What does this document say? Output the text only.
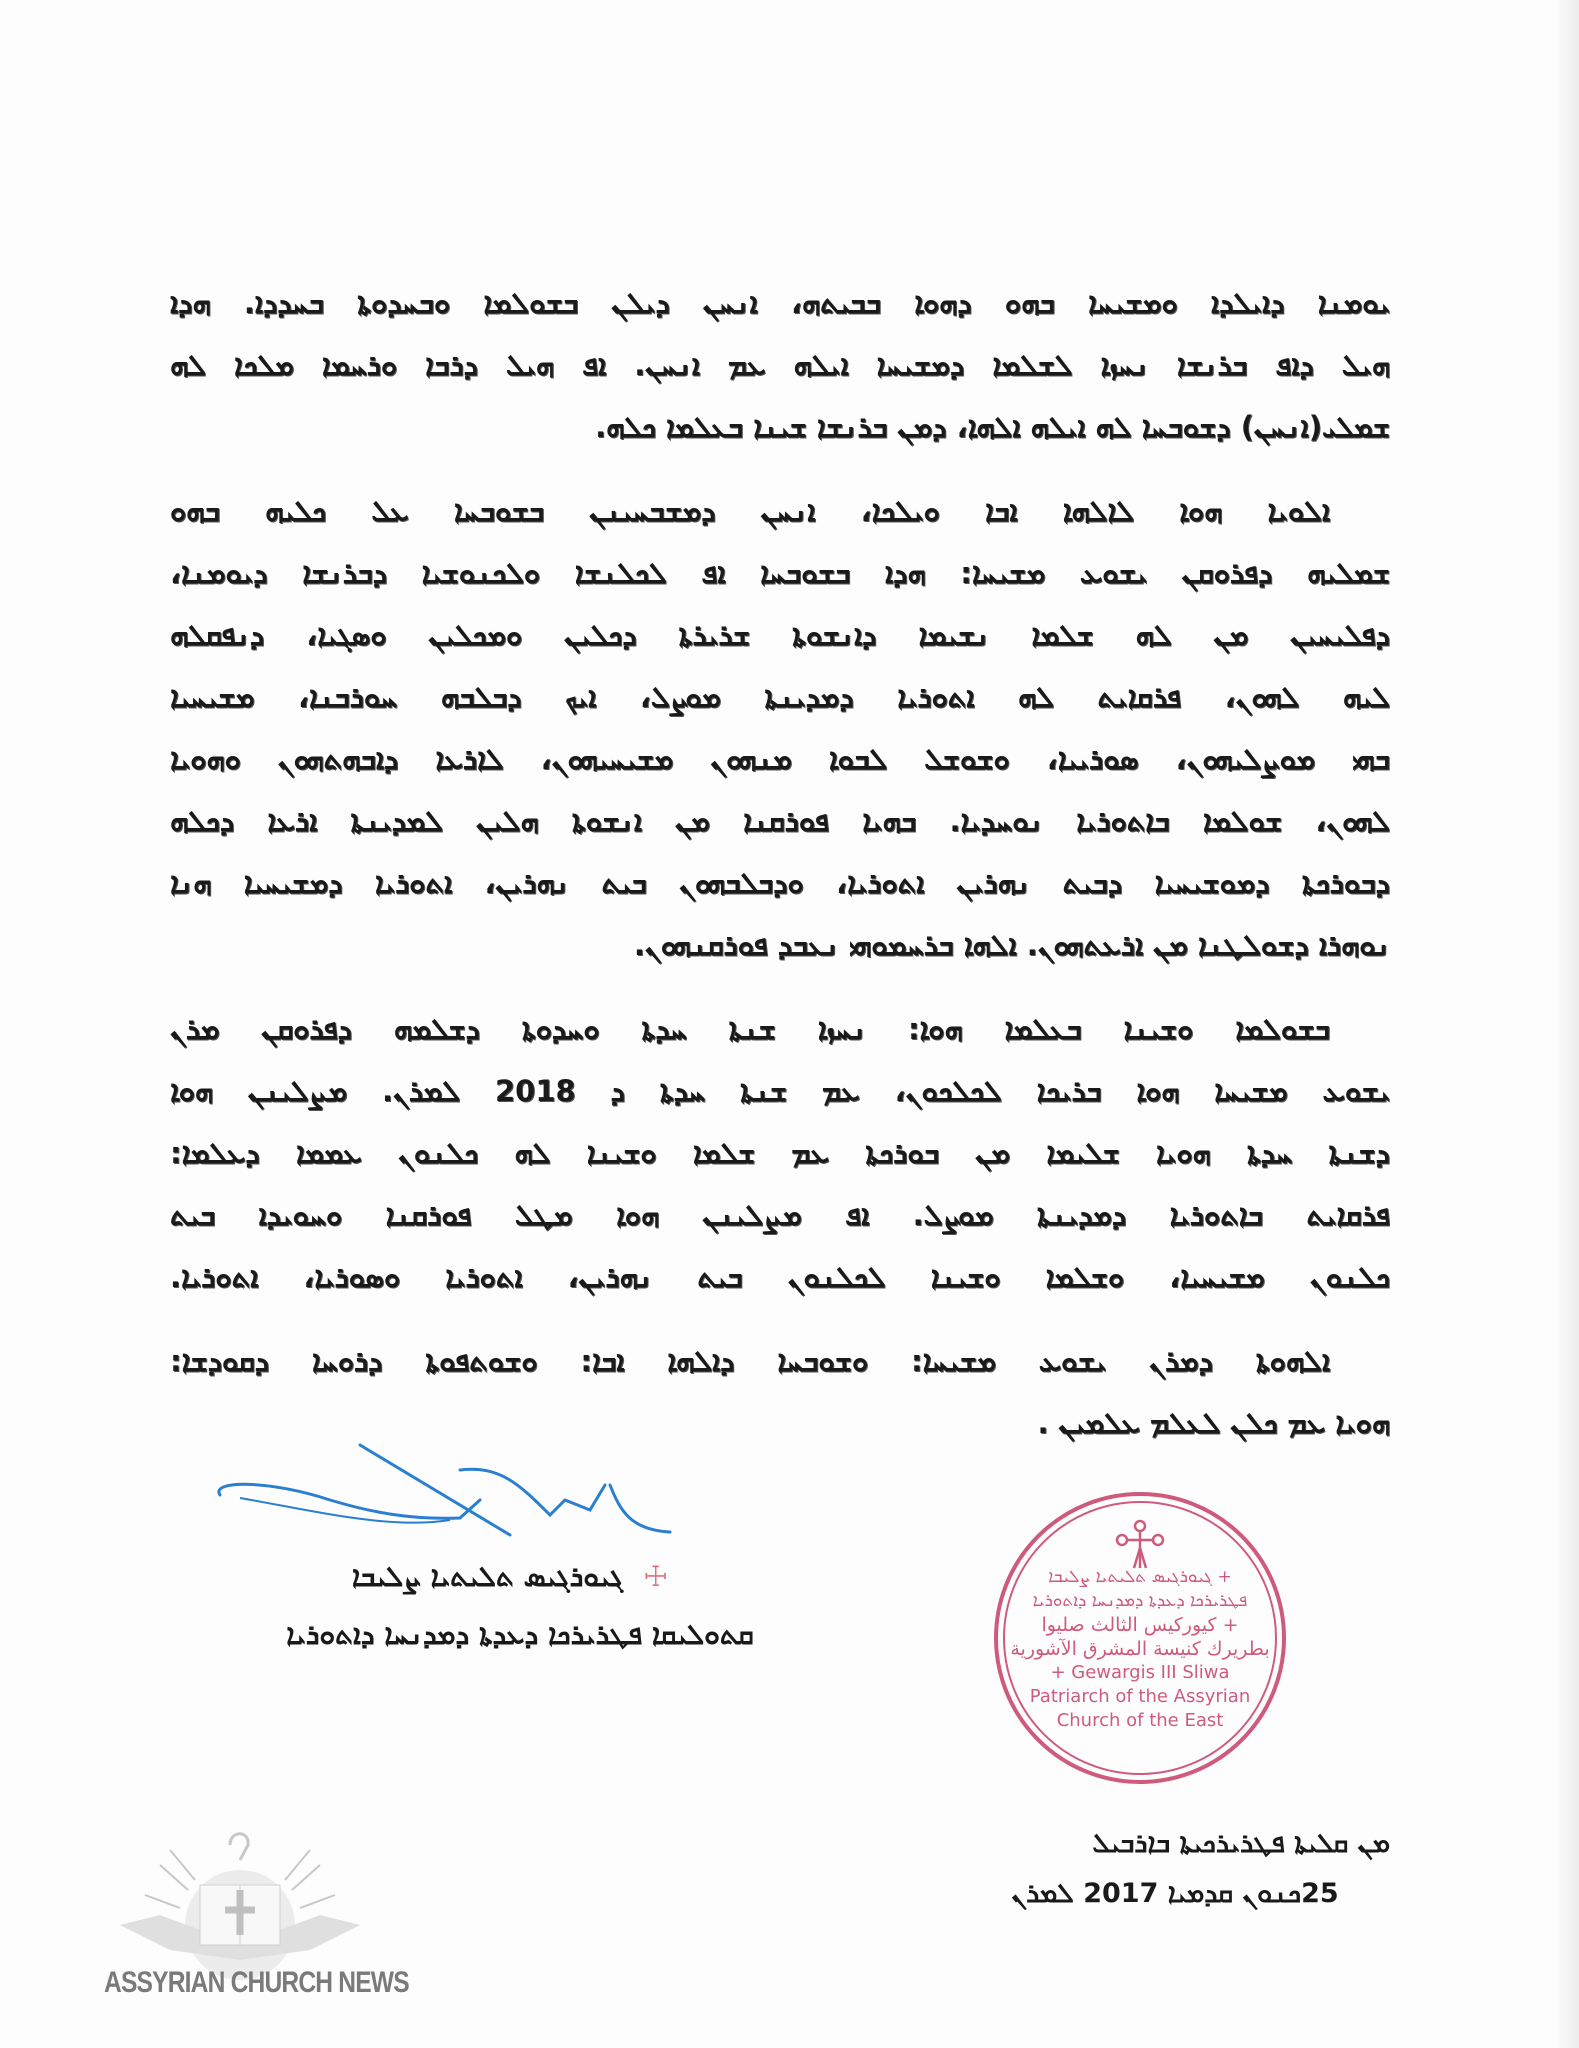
ܝܘܡܢܐ ܕܐܝܠܕܐ ܘܡܫܝܚܐ ܒܗܘ ܕܗܘܐ ܒܒܝܬܗ، ܐܢܚܢ ܕܝܠܢ ܒܫܘܠܡܐ ܘܒܚܕܘܬܐ ܒܚܕܕܐ. ܗܕܐ
ܗܝܠ ܕܐܦ ܒܪܢܫܐ ܢܚܙܐ ܠܫܠܡܐ ܕܡܫܝܚܐ ܐܝܠܗ ܥܡ ܐܢܚܢ. ܐܦ ܗܝܠ ܕܪܒܐ ܘܪܚܡܐ ܡܠܟܐ ܠܗ
ܫܡܠܝ(ܐܢܚܢ) ܕܫܘܒܚܐ ܠܗ ܐܝܠܗ ܐܠܗܐ، ܕܡܢ ܒܪܢܫܐ ܫܝܢܐ ܒܥܠܡܐ ܟܠܗ.
ܐܠܘܝܐ ܗܘܐ ܠܐܠܗܐ ܐܒܐ ܘܝܠܟܐ، ܐܢܚܢ ܕܡܫܒܚܝܢܢ ܒܫܘܒܚܐ ܥܠ ܟܠܝܗ ܒܗܘ
ܫܡܠܝܗ ܕܦܪܘܩܢ ܝܫܘܥ ܡܫܝܚܐ: ܗܕܐ ܒܫܘܒܚܐ ܐܦ ܠܟܠܢܫܐ ܘܠܟܢܘܫܝܐ ܕܒܪܢܫܐ ܕܝܘܡܢܐ،
ܕܦܠܝܚܝܢ ܡܢ ܠܗ ܫܠܡܐ ܢܫܝܡܐ ܕܐܢܫܘܬܐ ܫܪܝܪܬܐ ܕܟܠܝܢ ܘܡܟܠܝܢ ܘܣܓܝܐ، ܕܢܦܩܠܗ
ܠܝܗ ܠܗܘܢ، ܦܪܩܐܝܬ ܠܗ ܐܬܘܪܝܐ ܕܡܕܝܢܬܐ ܡܘܨܠ، ܐܝܟ ܕܒܠܒܗ ܚܘܪܒܢܐ، ܡܫܝܚܝܐ
ܒܗܝ ܡܘܨܠܝܗܘܢ، ܣܘܪܝܝܐ، ܘܫܘܫܠ ܠܒܘܐ ܡܢܗܘܢ ܡܫܝܚܝܗܘܢ، ܠܐܪܥܐ ܕܐܒܗܬܗܘܢ ܘܗܘܝܐ
ܠܗܘܢ، ܫܘܠܡܐ ܒܐܬܘܪܝܐ ܢܘܚܕܝܐ. ܒܗܝܐ ܦܘܪܩܢܐ ܡܢ ܐܢܫܘܬܐ ܗܠܝܢ ܠܡܕܝܢܬܐ ܐܪܥܐ ܕܟܠܗ
ܕܒܘܪܟܬܐ ܕܡܘܫܝܚܝܐ ܕܒܝܬ ܢܗܪܝܢ ܐܬܘܪܝܐ، ܘܕܒܠܒܗܘܢ ܒܝܬ ܢܗܪܝܢ، ܐܬܘܪܝܐ ܕܡܫܝܚܝܐ ܗܢܐ
ܢܘܗܪܐ ܕܫܘܠܛܢܐ ܡܢ ܐܪܥܬܗܘܢ. ܐܠܗܐ ܒܪܚܡܘܗܝ ܢܥܒܕ ܦܘܪܩܢܗܘܢ.
ܒܫܘܠܡܐ ܘܫܝܢܐ ܒܥܠܡܐ ܗܘܐ: ܢܚܙܐ ܫܢܬܐ ܚܕܬܐ ܘܚܕܘܬܐ ܕܫܠܡܗ ܕܦܪܘܩܢ ܡܪܢ
ܝܫܘܥ ܡܫܝܚܐ ܗܘܐ ܒܪܝܟܐ ܠܟܠܟܘܢ، ܥܡ ܫܢܬܐ ܚܕܬܐ ܕ 2018 ܠܡܪܢ. ܡܨܠܝܢܢ ܗܘܐ
ܕܫܢܬܐ ܚܕܬܐ ܗܘܝܐ ܫܠܝܡܐ ܡܢ ܒܘܪܟܬܐ ܥܡ ܫܠܡܐ ܘܫܝܢܐ ܠܗ ܟܠܢܘܢ ܥܡܡܐ ܕܥܠܡܐ:
ܦܪܩܐܝܬ ܒܐܬܘܪܝܐ ܕܡܕܝܢܬܐ ܡܘܨܠ. ܐܦ ܡܨܠܝܢܢ ܗܘܐ ܡܛܠ ܦܘܪܩܢܐ ܘܚܘܝܕܐ ܒܝܬ
ܟܠܢܘܢ ܡܫܝܚܝܐ، ܘܫܠܡܐ ܘܫܝܢܐ ܠܟܠܢܘܢ ܒܝܬ ܢܗܪܝܢ، ܐܬܘܪܝܐ ܘܣܘܪܝܐ، ܐܬܘܪܝܐ.
ܐܠܗܘܬܐ ܕܡܪܢ ܝܫܘܥ ܡܫܝܚܐ: ܘܫܘܒܚܐ ܕܐܠܗܐ ܐܒܐ: ܘܫܘܬܦܘܬܐ ܕܪܘܚܐ ܕܩܘܕܫܐ:
ܗܘܝܐ ܥܡ ܟܠܢ ܠܥܠܡ ܥܠܡܝܢ .
☩ ܓܝܘܪܓܝܣ ܬܠܝܬܝܐ ܨܠܝܒܐ
ܩܬܘܠܝܩܐ ܦܛܪܝܪܟܐ ܕܥܕܬܐ ܕܡܕܢܚܐ ܕܐܬܘܪܝܐ
+ ܓܝܘܪܓܝܣ ܬܠܝܬܝܐ ܨܠܝܒܐ
ܦܛܪܝܪܟܐ ܕܥܕܬܐ ܕܡܕܢܚܐ ܕܐܬܘܪܝܐ
+ كيوركيس الثالث صليوا
بطريرك كنيسة المشرق الآشورية
+ Gewargis III Sliwa
Patriarch of the Assyrian
Church of the East
ܡܢ ܩܠܝܬܐ ܦܛܪܝܪܟܝܬܐ ܒܐܪܒܝܠ
25ܟܢܘܢ ܩܕܡܝܐ 2017 ܠܡܪܢ
ASSYRIAN CHURCH NEWS
